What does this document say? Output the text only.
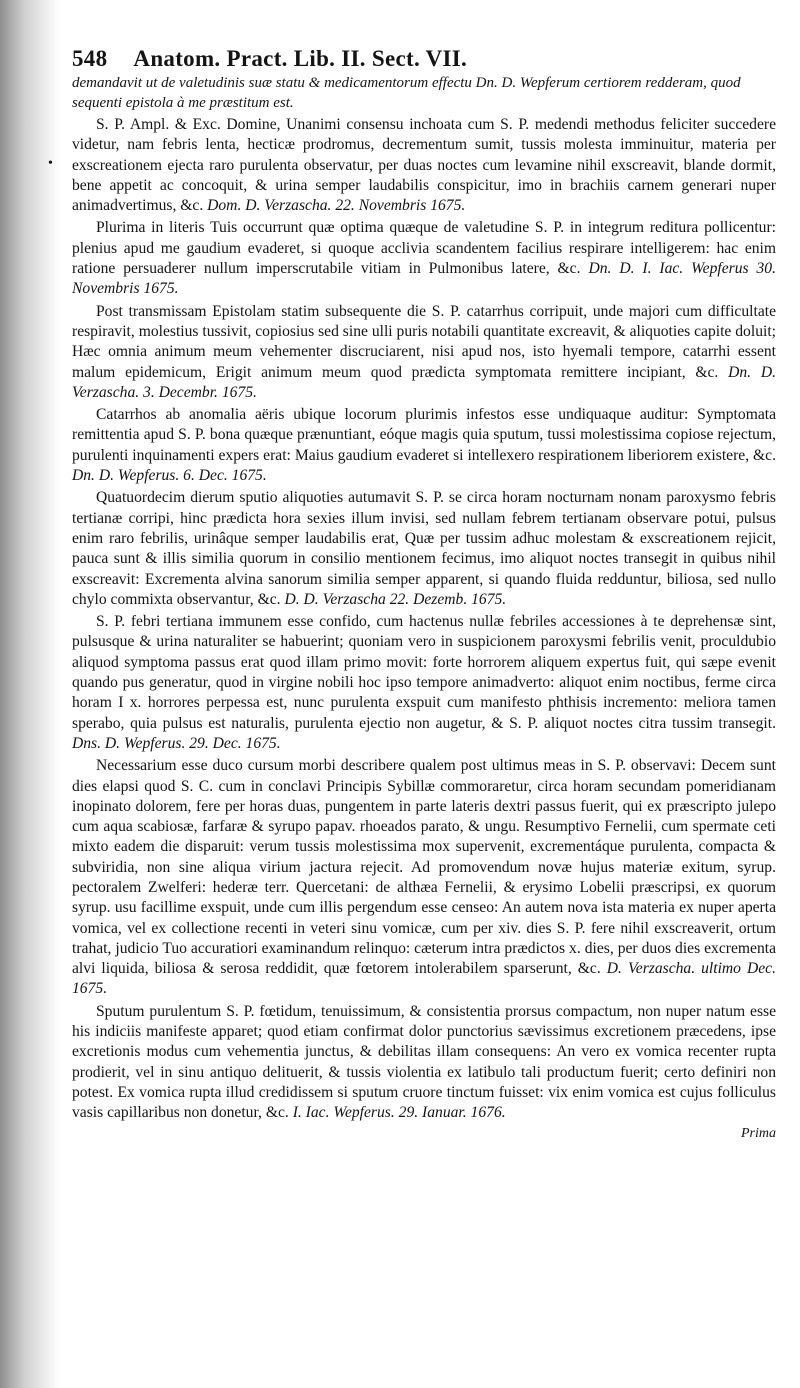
•
548 Anatom. Pract. Lib. II. Sect. VII.

demandavit ut de valetudinis suæ statu & medicamentorum effectu Dn. D. Wepferum certiorem redderam, quod sequenti epistola à me præstitum est.

S. P. Ampl. & Exc. Domine, Unanimi consensu inchoata cum S. P. medendi methodus feliciter succedere videtur, nam febris lenta, hecticæ prodromus, decrementum sumit, tussis molesta imminuitur, materia per exscreationem ejecta raro purulenta observatur, per duas noctes cum levamine nihil exscreavit, blande dormit, bene appetit ac concoquit, & urina semper laudabilis conspicitur, imo in brachiis carnem generari nuper animadvertimus, &c. Dom. D. Verzascha. 22. Novembris 1675.

Plurima in literis Tuis occurrunt quæ optima quæque de valetudine S. P. in integrum reditura pollicentur: plenius apud me gaudium evaderet, si quoque acclivia scandentem facilius respirare intelligerem: hac enim ratione persuaderer nullum imperscrutabile vitiam in Pulmonibus latere, &c. Dn. D. I. Iac. Wepferus 30. Novembris 1675.

Post transmissam Epistolam statim subsequente die S. P. catarrhus corripuit, unde majori cum difficultate respiravit, molestius tussivit, copiosius sed sine ulli puris notabili quantitate excreavit, & aliquoties capite doluit; Hæc omnia animum meum vehementer discruciarent, nisi apud nos, isto hyemali tempore, catarrhi essent malum epidemicum, Erigit animum meum quod prædicta symptomata remittere incipiant, &c. Dn. D. Verzascha. 3. Decembr. 1675.

Catarrhos ab anomalia aëris ubique locorum plurimis infestos esse undiquaque auditur: Symptomata remittentia apud S. P. bona quæque prænuntiant, eóque magis quia sputum, tussi molestissima copiose rejectum, purulenti inquinamenti expers erat: Maius gaudium evaderet si intellexero respirationem liberiorem existere, &c. Dn. D. Wepferus. 6. Dec. 1675.

Quatuordecim dierum sputio aliquoties autumavit S. P. se circa horam nocturnam nonam paroxysmo febris tertianæ corripi, hinc prædicta hora sexies illum invisi, sed nullam febrem tertianam observare potui, pulsus enim raro febrilis, urinâque semper laudabilis erat, Quæ per tussim adhuc molestam & exscreationem rejicit, pauca sunt & illis similia quorum in consilio mentionem fecimus, imo aliquot noctes transegit in quibus nihil exscreavit: Excrementa alvina sanorum similia semper apparent, si quando fluida redduntur, biliosa, sed nullo chylo commixta observantur, &c. D. D. Verzascha 22. Dezemb. 1675.

S. P. febri tertiana immunem esse confido, cum hactenus nullæ febriles accessiones à te deprehensæ sint, pulsusque & urina naturaliter se habuerint; quoniam vero in suspicionem paroxysmi febrilis venit, proculdubio aliquod symptoma passus erat quod illam primo movit: forte horrorem aliquem expertus fuit, qui sæpe evenit quando pus generatur, quod in virgine nobili hoc ipso tempore animadverto: aliquot enim noctibus, ferme circa horam I x. horrores perpessa est, nunc purulenta exspuit cum manifesto phthisis incremento: meliora tamen sperabo, quia pulsus est naturalis, purulenta ejectio non augetur, & S. P. aliquot noctes citra tussim transegit. Dns. D. Wepferus. 29. Dec. 1675.

Necessarium esse duco cursum morbi describere qualem post ultimus meas in S. P. observavi: Decem sunt dies elapsi quod S. C. cum in conclavi Principis Sybillæ commoraretur, circa horam secundam pomeridianam inopinato dolorem, fere per horas duas, pungentem in parte lateris dextri passus fuerit, qui ex præscripto julepo cum aqua scabiosæ, farfaræ & syrupo papav. rhoeados parato, & ungu. Resumptivo Fernelii, cum spermate ceti mixto eadem die disparuit: verum tussis molestissima mox supervenit, excrementáque purulenta, compacta & subviridia, non sine aliqua virium jactura rejecit. Ad promovendum novæ hujus materiæ exitum, syrup. pectoralem Zwelferi: hederæ terr. Quercetani: de althæa Fernelii, & erysimo Lobelii præscripsi, ex quorum syrup. usu facillime exspuit, unde cum illis pergendum esse censeo: An autem nova ista materia ex nuper aperta vomica, vel ex collectione recenti in veteri sinu vomicæ, cum per xiv. dies S. P. fere nihil exscreaverit, ortum trahat, judicio Tuo accuratiori examinandum relinquo: cæterum intra prædictos x. dies, per duos dies excrementa alvi liquida, biliosa & serosa reddidit, quæ fœtorem intolerabilem sparserunt, &c. D. Verzascha. ultimo Dec. 1675.

Sputum purulentum S. P. fœtidum, tenuissimum, & consistentia prorsus compactum, non nuper natum esse his indiciis manifeste apparet; quod etiam confirmat dolor punctorius sævissimus excretionem præcedens, ipse excretionis modus cum vehementia junctus, & debilitas illam consequens: An vero ex vomica recenter rupta prodierit, vel in sinu antiquo delituerit, & tussis violentia ex latibulo tali productum fuerit; certo definiri non potest. Ex vomica rupta illud credidissem si sputum cruore tinctum fuisset: vix enim vomica est cujus folliculus vasis capillaribus non donetur, &c. I. Iac. Wepferus. 29. Ianuar. 1676.

Prima
